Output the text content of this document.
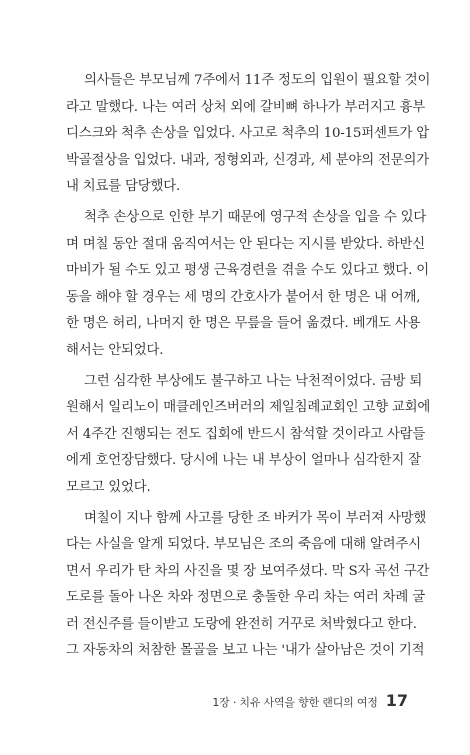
의사들은 부모님께 7주에서 11주 정도의 입원이 필요할 것이
라고 말했다. 나는 여러 상처 외에 갈비뼈 하나가 부러지고 흉부
디스크와 척추 손상을 입었다. 사고로 척추의 10-15퍼센트가 압
박골절상을 입었다. 내과, 정형외과, 신경과, 세 분야의 전문의가
내 치료를 담당했다.

척추 손상으로 인한 부기 때문에 영구적 손상을 입을 수 있다
며 며칠 동안 절대 움직여서는 안 된다는 지시를 받았다. 하반신
마비가 될 수도 있고 평생 근육경련을 겪을 수도 있다고 했다. 이
동을 해야 할 경우는 세 명의 간호사가 붙어서 한 명은 내 어깨,
한 명은 허리, 나머지 한 명은 무릎을 들어 옮겼다. 베개도 사용
해서는 안되었다.

그런 심각한 부상에도 불구하고 나는 낙천적이었다. 금방 퇴
원해서 일리노이 매클레인즈버러의 제일침례교회인 고향 교회에
서 4주간 진행되는 전도 집회에 반드시 참석할 것이라고 사람들
에게 호언장담했다. 당시에 나는 내 부상이 얼마나 심각한지 잘
모르고 있었다.

며칠이 지나 함께 사고를 당한 조 바커가 목이 부러져 사망했
다는 사실을 알게 되었다. 부모님은 조의 죽음에 대해 알려주시
면서 우리가 탄 차의 사진을 몇 장 보여주셨다. 막 S자 곡선 구간
도로를 돌아 나온 차와 정면으로 충돌한 우리 차는 여러 차례 굴
러 전신주를 들이받고 도랑에 완전히 거꾸로 처박혔다고 한다.
그 자동차의 처참한 몰골을 보고 나는 '내가 살아남은 것이 기적

1장 · 치유 사역을 향한 랜디의 여정 17
